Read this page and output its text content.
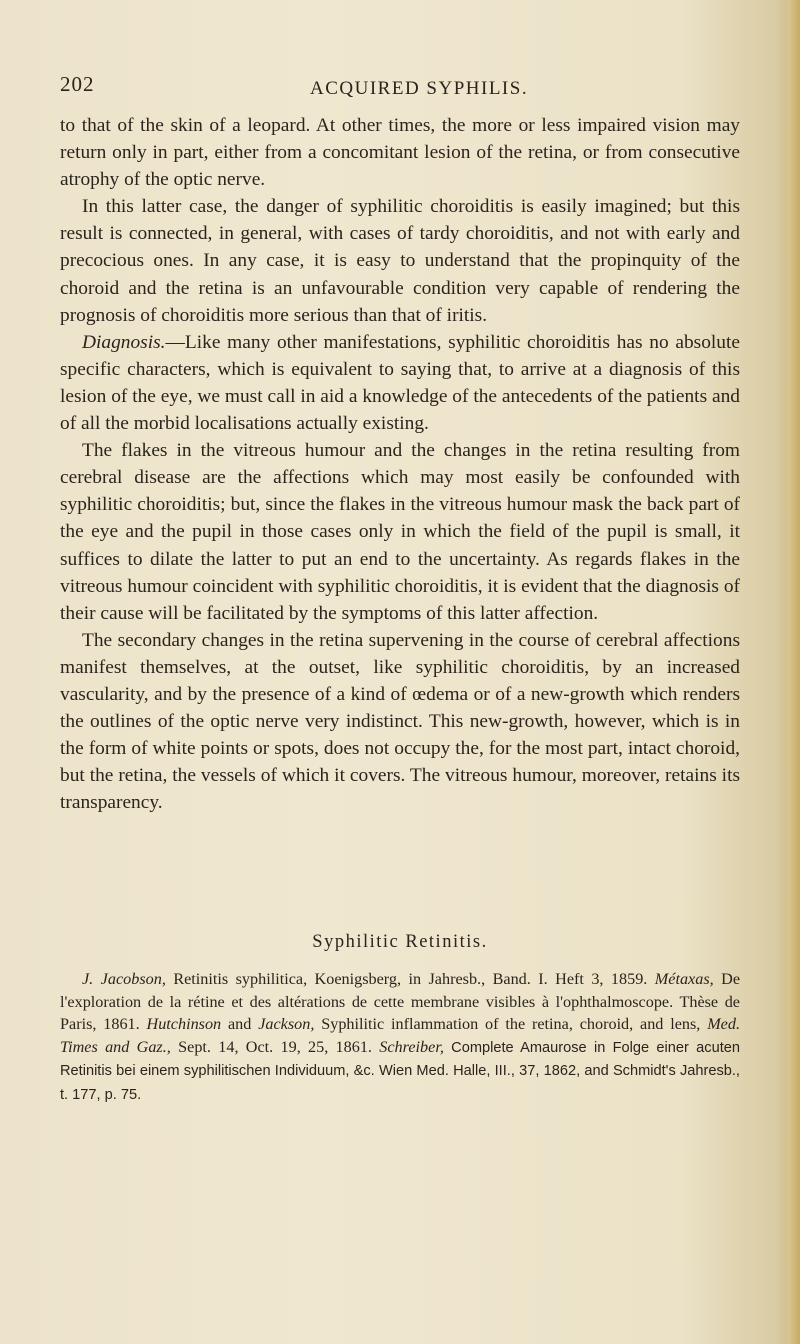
202	ACQUIRED SYPHILIS.

to that of the skin of a leopard. At other times, the more or less impaired vision may return only in part, either from a concomitant lesion of the retina, or from consecutive atrophy of the optic nerve.

In this latter case, the danger of syphilitic choroiditis is easily imagined; but this result is connected, in general, with cases of tardy choroiditis, and not with early and precocious ones. In any case, it is easy to understand that the propinquity of the choroid and the retina is an unfavourable condition very capable of rendering the prognosis of choroiditis more serious than that of iritis.

Diagnosis.—Like many other manifestations, syphilitic choroiditis has no absolute specific characters, which is equivalent to saying that, to arrive at a diagnosis of this lesion of the eye, we must call in aid a knowledge of the antecedents of the patients and of all the morbid localisations actually existing.

The flakes in the vitreous humour and the changes in the retina resulting from cerebral disease are the affections which may most easily be confounded with syphilitic choroiditis; but, since the flakes in the vitreous humour mask the back part of the eye and the pupil in those cases only in which the field of the pupil is small, it suffices to dilate the latter to put an end to the uncertainty. As regards flakes in the vitreous humour coincident with syphilitic choroiditis, it is evident that the diagnosis of their cause will be facilitated by the symptoms of this latter affection.

The secondary changes in the retina supervening in the course of cerebral affections manifest themselves, at the outset, like syphilitic choroiditis, by an increased vascularity, and by the presence of a kind of œdema or of a new-growth which renders the outlines of the optic nerve very indistinct. This new-growth, however, which is in the form of white points or spots, does not occupy the, for the most part, intact choroid, but the retina, the vessels of which it covers. The vitreous humour, moreover, retains its transparency.

Syphilitic Retinitis.

J. Jacobson, Retinitis syphilitica, Koenigsberg, in Jahresb., Band. I. Heft 3, 1859. Métaxas, De l'exploration de la rétine et des altérations de cette membrane visibles à l'ophthalmoscope. Thèse de Paris, 1861. Hutchinson and Jackson, Syphilitic inflammation of the retina, choroid, and lens, Med. Times and Gaz., Sept. 14, Oct. 19, 25, 1861. Schreiber, Complete Amaurose in Folge einer acuten Retinitis bei einem syphilitischen Individuum, &c. Wien Med. Halle, III., 37, 1862, and Schmidt's Jahresb., t. 177, p. 75.
